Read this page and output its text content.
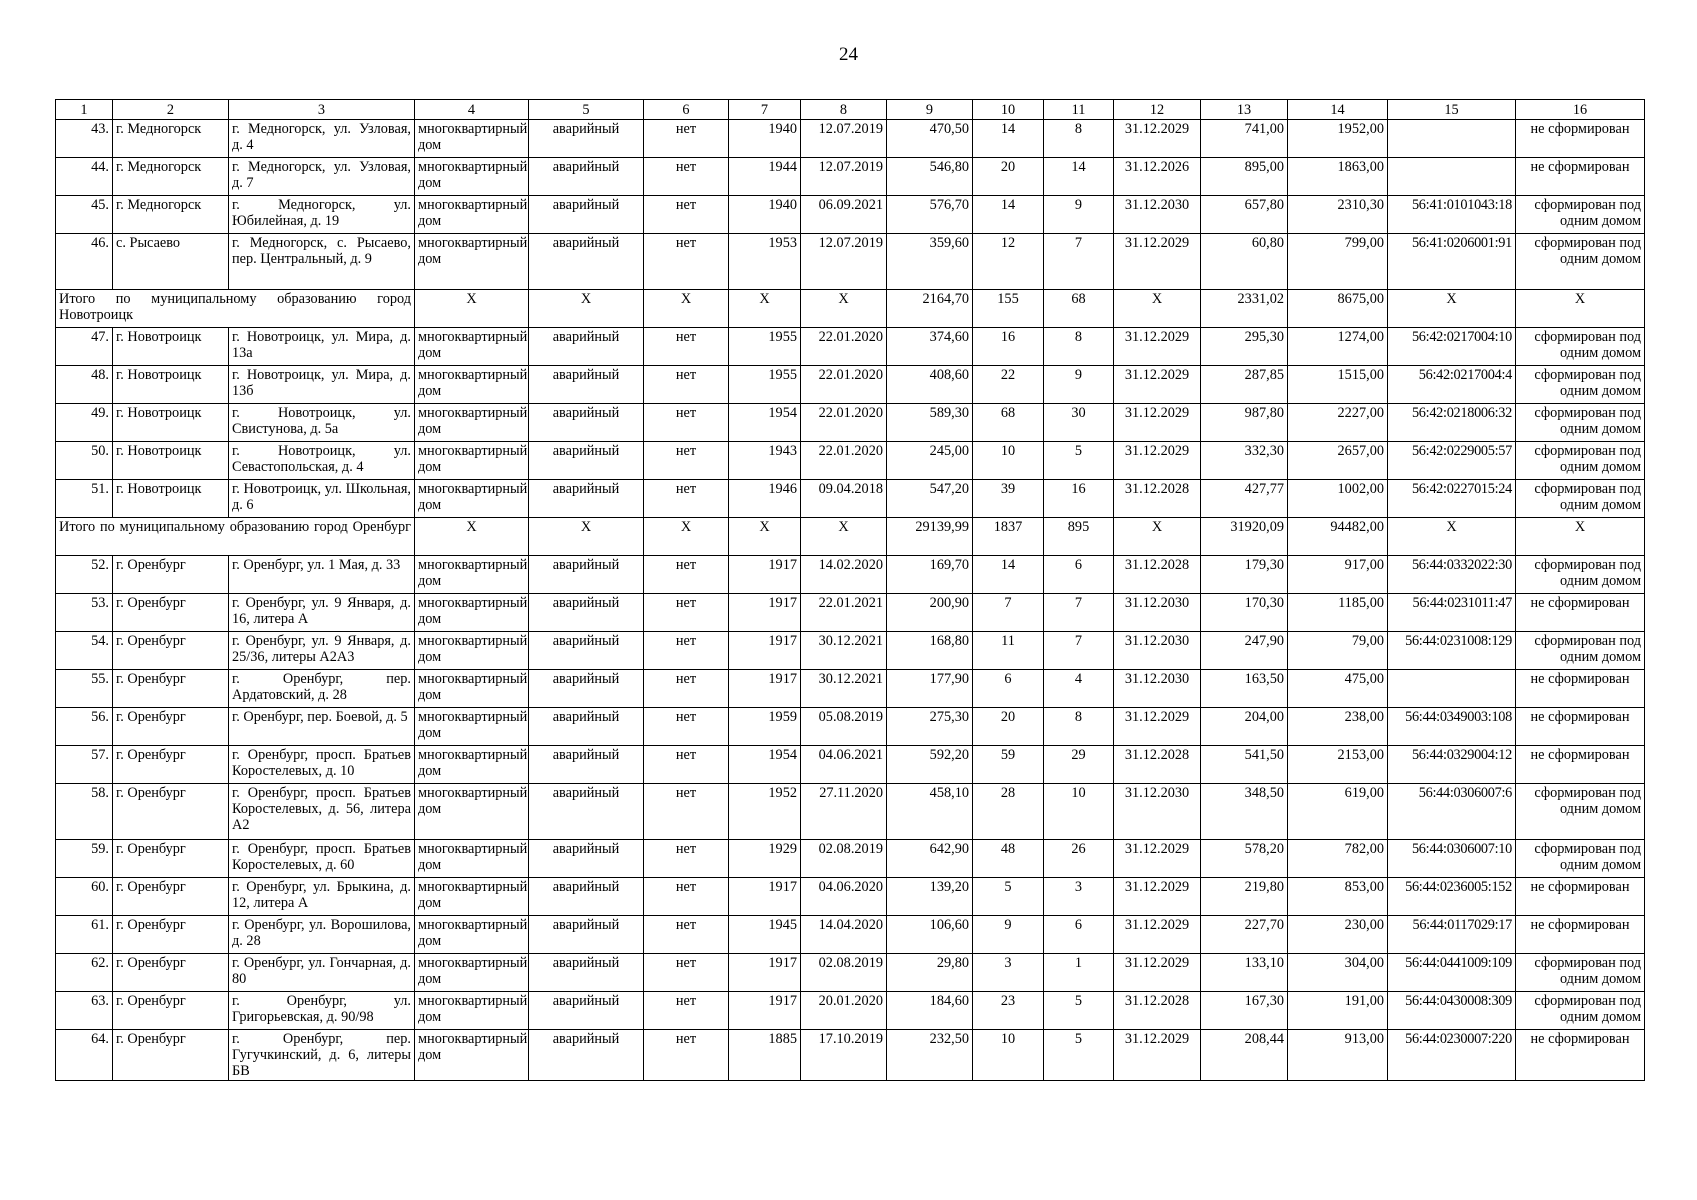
24
1	2	3	4	5	6	7	8	9	10	11	12	13	14	15	16
43.	г. Медногорск	г. Медногорск, ул. Узловая, д. 4	многоквартирный дом	аварийный	нет	1940	12.07.2019	470,50	14	8	31.12.2029	741,00	1952,00		не сформирован
44.	г. Медногорск	г. Медногорск, ул. Узловая, д. 7	многоквартирный дом	аварийный	нет	1944	12.07.2019	546,80	20	14	31.12.2026	895,00	1863,00		не сформирован
45.	г. Медногорск	г. Медногорск, ул. Юбилейная, д. 19	многоквартирный дом	аварийный	нет	1940	06.09.2021	576,70	14	9	31.12.2030	657,80	2310,30	56:41:0101043:18	сформирован под одним домом
46.	с. Рысаево	г. Медногорск, с. Рысаево, пер. Центральный, д. 9	многоквартирный дом	аварийный	нет	1953	12.07.2019	359,60	12	7	31.12.2029	60,80	799,00	56:41:0206001:91	сформирован под одним домом
Итого по муниципальному образованию город Новотроицк			X	X	X	X	X	2164,70	155	68	X	2331,02	8675,00	X	X
47.	г. Новотроицк	г. Новотроицк, ул. Мира, д. 13а	многоквартирный дом	аварийный	нет	1955	22.01.2020	374,60	16	8	31.12.2029	295,30	1274,00	56:42:0217004:10	сформирован под одним домом
48.	г. Новотроицк	г. Новотроицк, ул. Мира, д. 13б	многоквартирный дом	аварийный	нет	1955	22.01.2020	408,60	22	9	31.12.2029	287,85	1515,00	56:42:0217004:4	сформирован под одним домом
49.	г. Новотроицк	г. Новотроицк, ул. Свистунова, д. 5а	многоквартирный дом	аварийный	нет	1954	22.01.2020	589,30	68	30	31.12.2029	987,80	2227,00	56:42:0218006:32	сформирован под одним домом
50.	г. Новотроицк	г. Новотроицк, ул. Севастопольская, д. 4	многоквартирный дом	аварийный	нет	1943	22.01.2020	245,00	10	5	31.12.2029	332,30	2657,00	56:42:0229005:57	сформирован под одним домом
51.	г. Новотроицк	г. Новотроицк, ул. Школьная, д. 6	многоквартирный дом	аварийный	нет	1946	09.04.2018	547,20	39	16	31.12.2028	427,77	1002,00	56:42:0227015:24	сформирован под одним домом
Итого по муниципальному образованию город Оренбург			X	X	X	X	X	29139,99	1837	895	X	31920,09	94482,00	X	X
52.	г. Оренбург	г. Оренбург, ул. 1 Мая, д. 33	многоквартирный дом	аварийный	нет	1917	14.02.2020	169,70	14	6	31.12.2028	179,30	917,00	56:44:0332022:30	сформирован под одним домом
53.	г. Оренбург	г. Оренбург, ул. 9 Января, д. 16, литера А	многоквартирный дом	аварийный	нет	1917	22.01.2021	200,90	7	7	31.12.2030	170,30	1185,00	56:44:0231011:47	не сформирован
54.	г. Оренбург	г. Оренбург, ул. 9 Января, д. 25/36, литеры А2А3	многоквартирный дом	аварийный	нет	1917	30.12.2021	168,80	11	7	31.12.2030	247,90	79,00	56:44:0231008:129	сформирован под одним домом
55.	г. Оренбург	г. Оренбург, пер. Ардатовский, д. 28	многоквартирный дом	аварийный	нет	1917	30.12.2021	177,90	6	4	31.12.2030	163,50	475,00		не сформирован
56.	г. Оренбург	г. Оренбург, пер. Боевой, д. 5	многоквартирный дом	аварийный	нет	1959	05.08.2019	275,30	20	8	31.12.2029	204,00	238,00	56:44:0349003:108	не сформирован
57.	г. Оренбург	г. Оренбург, просп. Братьев Коростелевых, д. 10	многоквартирный дом	аварийный	нет	1954	04.06.2021	592,20	59	29	31.12.2028	541,50	2153,00	56:44:0329004:12	не сформирован
58.	г. Оренбург	г. Оренбург, просп. Братьев Коростелевых, д. 56, литера А2	многоквартирный дом	аварийный	нет	1952	27.11.2020	458,10	28	10	31.12.2030	348,50	619,00	56:44:0306007:6	сформирован под одним домом
59.	г. Оренбург	г. Оренбург, просп. Братьев Коростелевых, д. 60	многоквартирный дом	аварийный	нет	1929	02.08.2019	642,90	48	26	31.12.2029	578,20	782,00	56:44:0306007:10	сформирован под одним домом
60.	г. Оренбург	г. Оренбург, ул. Брыкина, д. 12, литера А	многоквартирный дом	аварийный	нет	1917	04.06.2020	139,20	5	3	31.12.2029	219,80	853,00	56:44:0236005:152	не сформирован
61.	г. Оренбург	г. Оренбург, ул. Ворошилова, д. 28	многоквартирный дом	аварийный	нет	1945	14.04.2020	106,60	9	6	31.12.2029	227,70	230,00	56:44:0117029:17	не сформирован
62.	г. Оренбург	г. Оренбург, ул. Гончарная, д. 80	многоквартирный дом	аварийный	нет	1917	02.08.2019	29,80	3	1	31.12.2029	133,10	304,00	56:44:0441009:109	сформирован под одним домом
63.	г. Оренбург	г. Оренбург, ул. Григорьевская, д. 90/98	многоквартирный дом	аварийный	нет	1917	20.01.2020	184,60	23	5	31.12.2028	167,30	191,00	56:44:0430008:309	сформирован под одним домом
64.	г. Оренбург	г. Оренбург, пер. Гугучкинский, д. 6, литеры БВ	многоквартирный дом	аварийный	нет	1885	17.10.2019	232,50	10	5	31.12.2029	208,44	913,00	56:44:0230007:220	не сформирован
